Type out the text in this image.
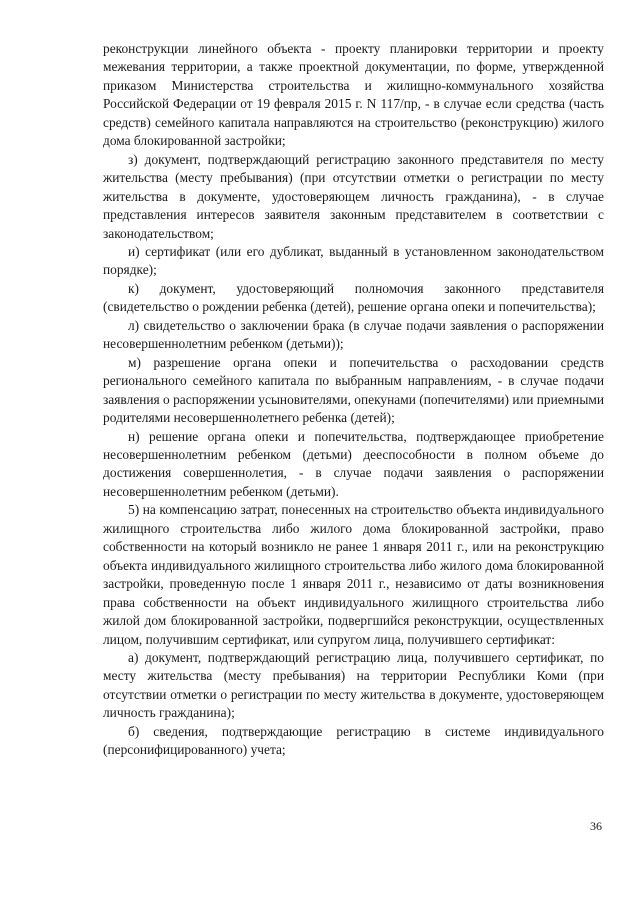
реконструкции линейного объекта - проекту планировки территории и проекту межевания территории, а также проектной документации, по форме, утвержденной приказом Министерства строительства и жилищно-коммунального хозяйства Российской Федерации от 19 февраля 2015 г. N 117/пр, - в случае если средства (часть средств) семейного капитала направляются на строительство (реконструкцию) жилого дома блокированной застройки;

з) документ, подтверждающий регистрацию законного представителя по месту жительства (месту пребывания) (при отсутствии отметки о регистрации по месту жительства в документе, удостоверяющем личность гражданина), - в случае представления интересов заявителя законным представителем в соответствии с законодательством;

и) сертификат (или его дубликат, выданный в установленном законодательством порядке);

к) документ, удостоверяющий полномочия законного представителя (свидетельство о рождении ребенка (детей), решение органа опеки и попечительства);

л) свидетельство о заключении брака (в случае подачи заявления о распоряжении несовершеннолетним ребенком (детьми));

м) разрешение органа опеки и попечительства о расходовании средств регионального семейного капитала по выбранным направлениям, - в случае подачи заявления о распоряжении усыновителями, опекунами (попечителями) или приемными родителями несовершеннолетнего ребенка (детей);

н) решение органа опеки и попечительства, подтверждающее приобретение несовершеннолетним ребенком (детьми) дееспособности в полном объеме до достижения совершеннолетия, - в случае подачи заявления о распоряжении несовершеннолетним ребенком (детьми).

5) на компенсацию затрат, понесенных на строительство объекта индивидуального жилищного строительства либо жилого дома блокированной застройки, право собственности на который возникло не ранее 1 января 2011 г., или на реконструкцию объекта индивидуального жилищного строительства либо жилого дома блокированной застройки, проведенную после 1 января 2011 г., независимо от даты возникновения права собственности на объект индивидуального жилищного строительства либо жилой дом блокированной застройки, подвергшийся реконструкции, осуществленных лицом, получившим сертификат, или супругом лица, получившего сертификат:

а) документ, подтверждающий регистрацию лица, получившего сертификат, по месту жительства (месту пребывания) на территории Республики Коми (при отсутствии отметки о регистрации по месту жительства в документе, удостоверяющем личность гражданина);

б) сведения, подтверждающие регистрацию в системе индивидуального (персонифицированного) учета;

36
